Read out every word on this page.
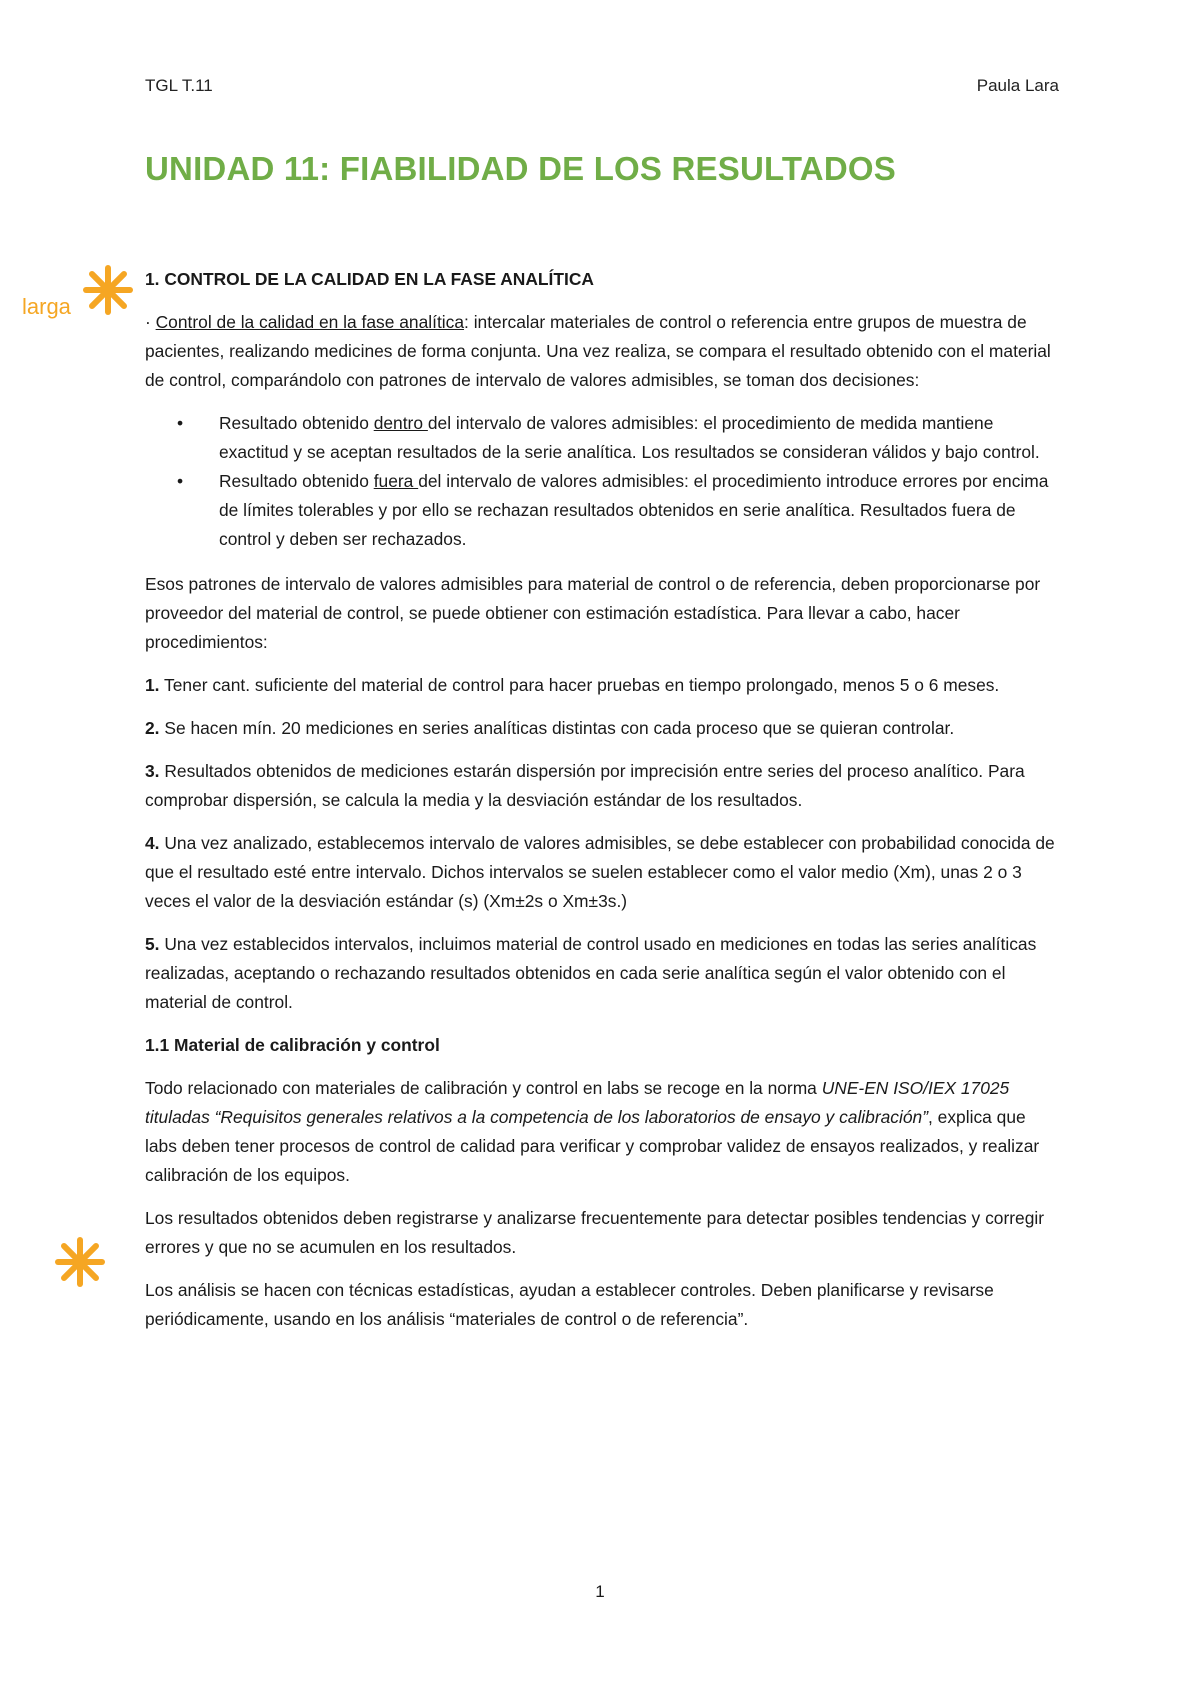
TGL T.11	Paula Lara
UNIDAD 11: FIABILIDAD DE LOS RESULTADOS
larga
1. CONTROL DE LA CALIDAD EN LA FASE ANALÍTICA

· Control de la calidad en la fase analítica: intercalar materiales de control o referencia entre grupos de muestra de pacientes, realizando medicines de forma conjunta. Una vez realiza, se compara el resultado obtenido con el material de control, comparándolo con patrones de intervalo de valores admisibles, se toman dos decisiones:

• Resultado obtenido dentro del intervalo de valores admisibles: el procedimiento de medida mantiene exactitud y se aceptan resultados de la serie analítica. Los resultados se consideran válidos y bajo control.
• Resultado obtenido fuera del intervalo de valores admisibles: el procedimiento introduce errores por encima de límites tolerables y por ello se rechazan resultados obtenidos en serie analítica. Resultados fuera de control y deben ser rechazados.

Esos patrones de intervalo de valores admisibles para material de control o de referencia, deben proporcionarse por proveedor del material de control, se puede obtiener con estimación estadística. Para llevar a cabo, hacer procedimientos:

1. Tener cant. suficiente del material de control para hacer pruebas en tiempo prolongado, menos 5 o 6 meses.

2. Se hacen mín. 20 mediciones en series analíticas distintas con cada proceso que se quieran controlar.

3. Resultados obtenidos de mediciones estarán dispersión por imprecisión entre series del proceso analítico. Para comprobar dispersión, se calcula la media y la desviación estándar de los resultados.

4. Una vez analizado, establecemos intervalo de valores admisibles, se debe establecer con probabilidad conocida de que el resultado esté entre intervalo. Dichos intervalos se suelen establecer como el valor medio (Xm), unas 2 o 3 veces el valor de la desviación estándar (s) (Xm±2s o Xm±3s.)

5. Una vez establecidos intervalos, incluimos material de control usado en mediciones en todas las series analíticas realizadas, aceptando o rechazando resultados obtenidos en cada serie analítica según el valor obtenido con el material de control.

1.1 Material de calibración y control

Todo relacionado con materiales de calibración y control en labs se recoge en la norma UNE-EN ISO/IEX 17025 tituladas “Requisitos generales relativos a la competencia de los laboratorios de ensayo y calibración”, explica que labs deben tener procesos de control de calidad para verificar y comprobar validez de ensayos realizados, y realizar calibración de los equipos.

Los resultados obtenidos deben registrarse y analizarse frecuentemente para detectar posibles tendencias y corregir errores y que no se acumulen en los resultados.

Los análisis se hacen con técnicas estadísticas, ayudan a establecer controles. Deben planificarse y revisarse periódicamente, usando en los análisis “materiales de control o de referencia”.

1
